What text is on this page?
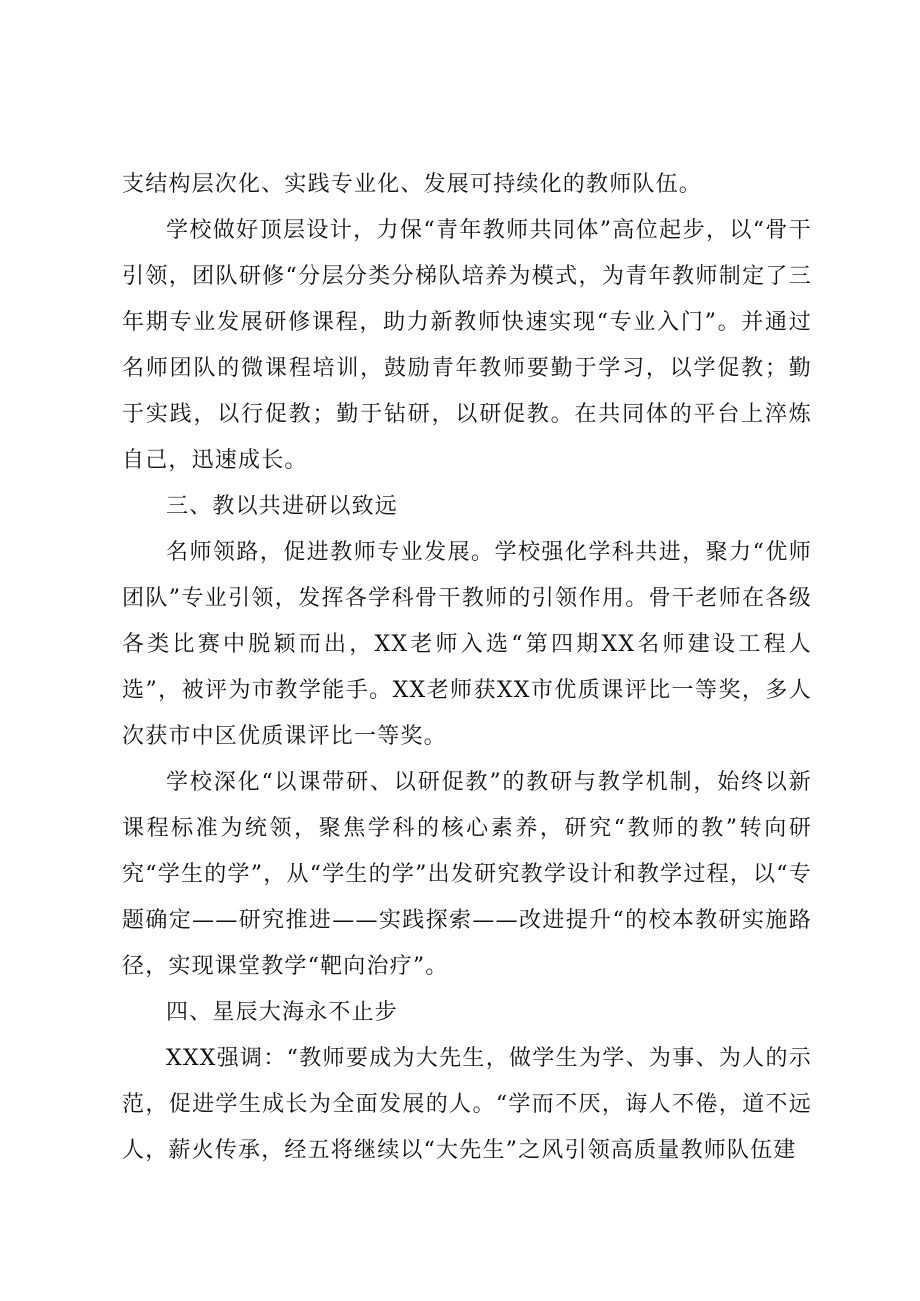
支结构层次化、实践专业化、发展可持续化的教师队伍。

学校做好顶层设计，力保“青年教师共同体”高位起步，以“骨干引领，团队研修“分层分类分梯队培养为模式，为青年教师制定了三年期专业发展研修课程，助力新教师快速实现“专业入门”。并通过名师团队的微课程培训，鼓励青年教师要勤于学习，以学促教；勤于实践，以行促教；勤于钻研，以研促教。在共同体的平台上淬炼自己，迅速成长。

三、教以共进研以致远

名师领路，促进教师专业发展。学校强化学科共进，聚力“优师团队”专业引领，发挥各学科骨干教师的引领作用。骨干老师在各级各类比赛中脱颖而出，XX老师入选“第四期XX名师建设工程人选”，被评为市教学能手。XX老师获XX市优质课评比一等奖，多人次获市中区优质课评比一等奖。

学校深化“以课带研、以研促教”的教研与教学机制，始终以新课程标准为统领，聚焦学科的核心素养，研究“教师的教”转向研究“学生的学”，从“学生的学”出发研究教学设计和教学过程，以“专题确定——研究推进——实践探索——改进提升“的校本教研实施路径，实现课堂教学“靶向治疗”。

四、星辰大海永不止步

XXX强调：“教师要成为大先生，做学生为学、为事、为人的示范，促进学生成长为全面发展的人。“学而不厌，诲人不倦，道不远人，薪火传承，经五将继续以“大先生”之风引领高质量教师队伍建
